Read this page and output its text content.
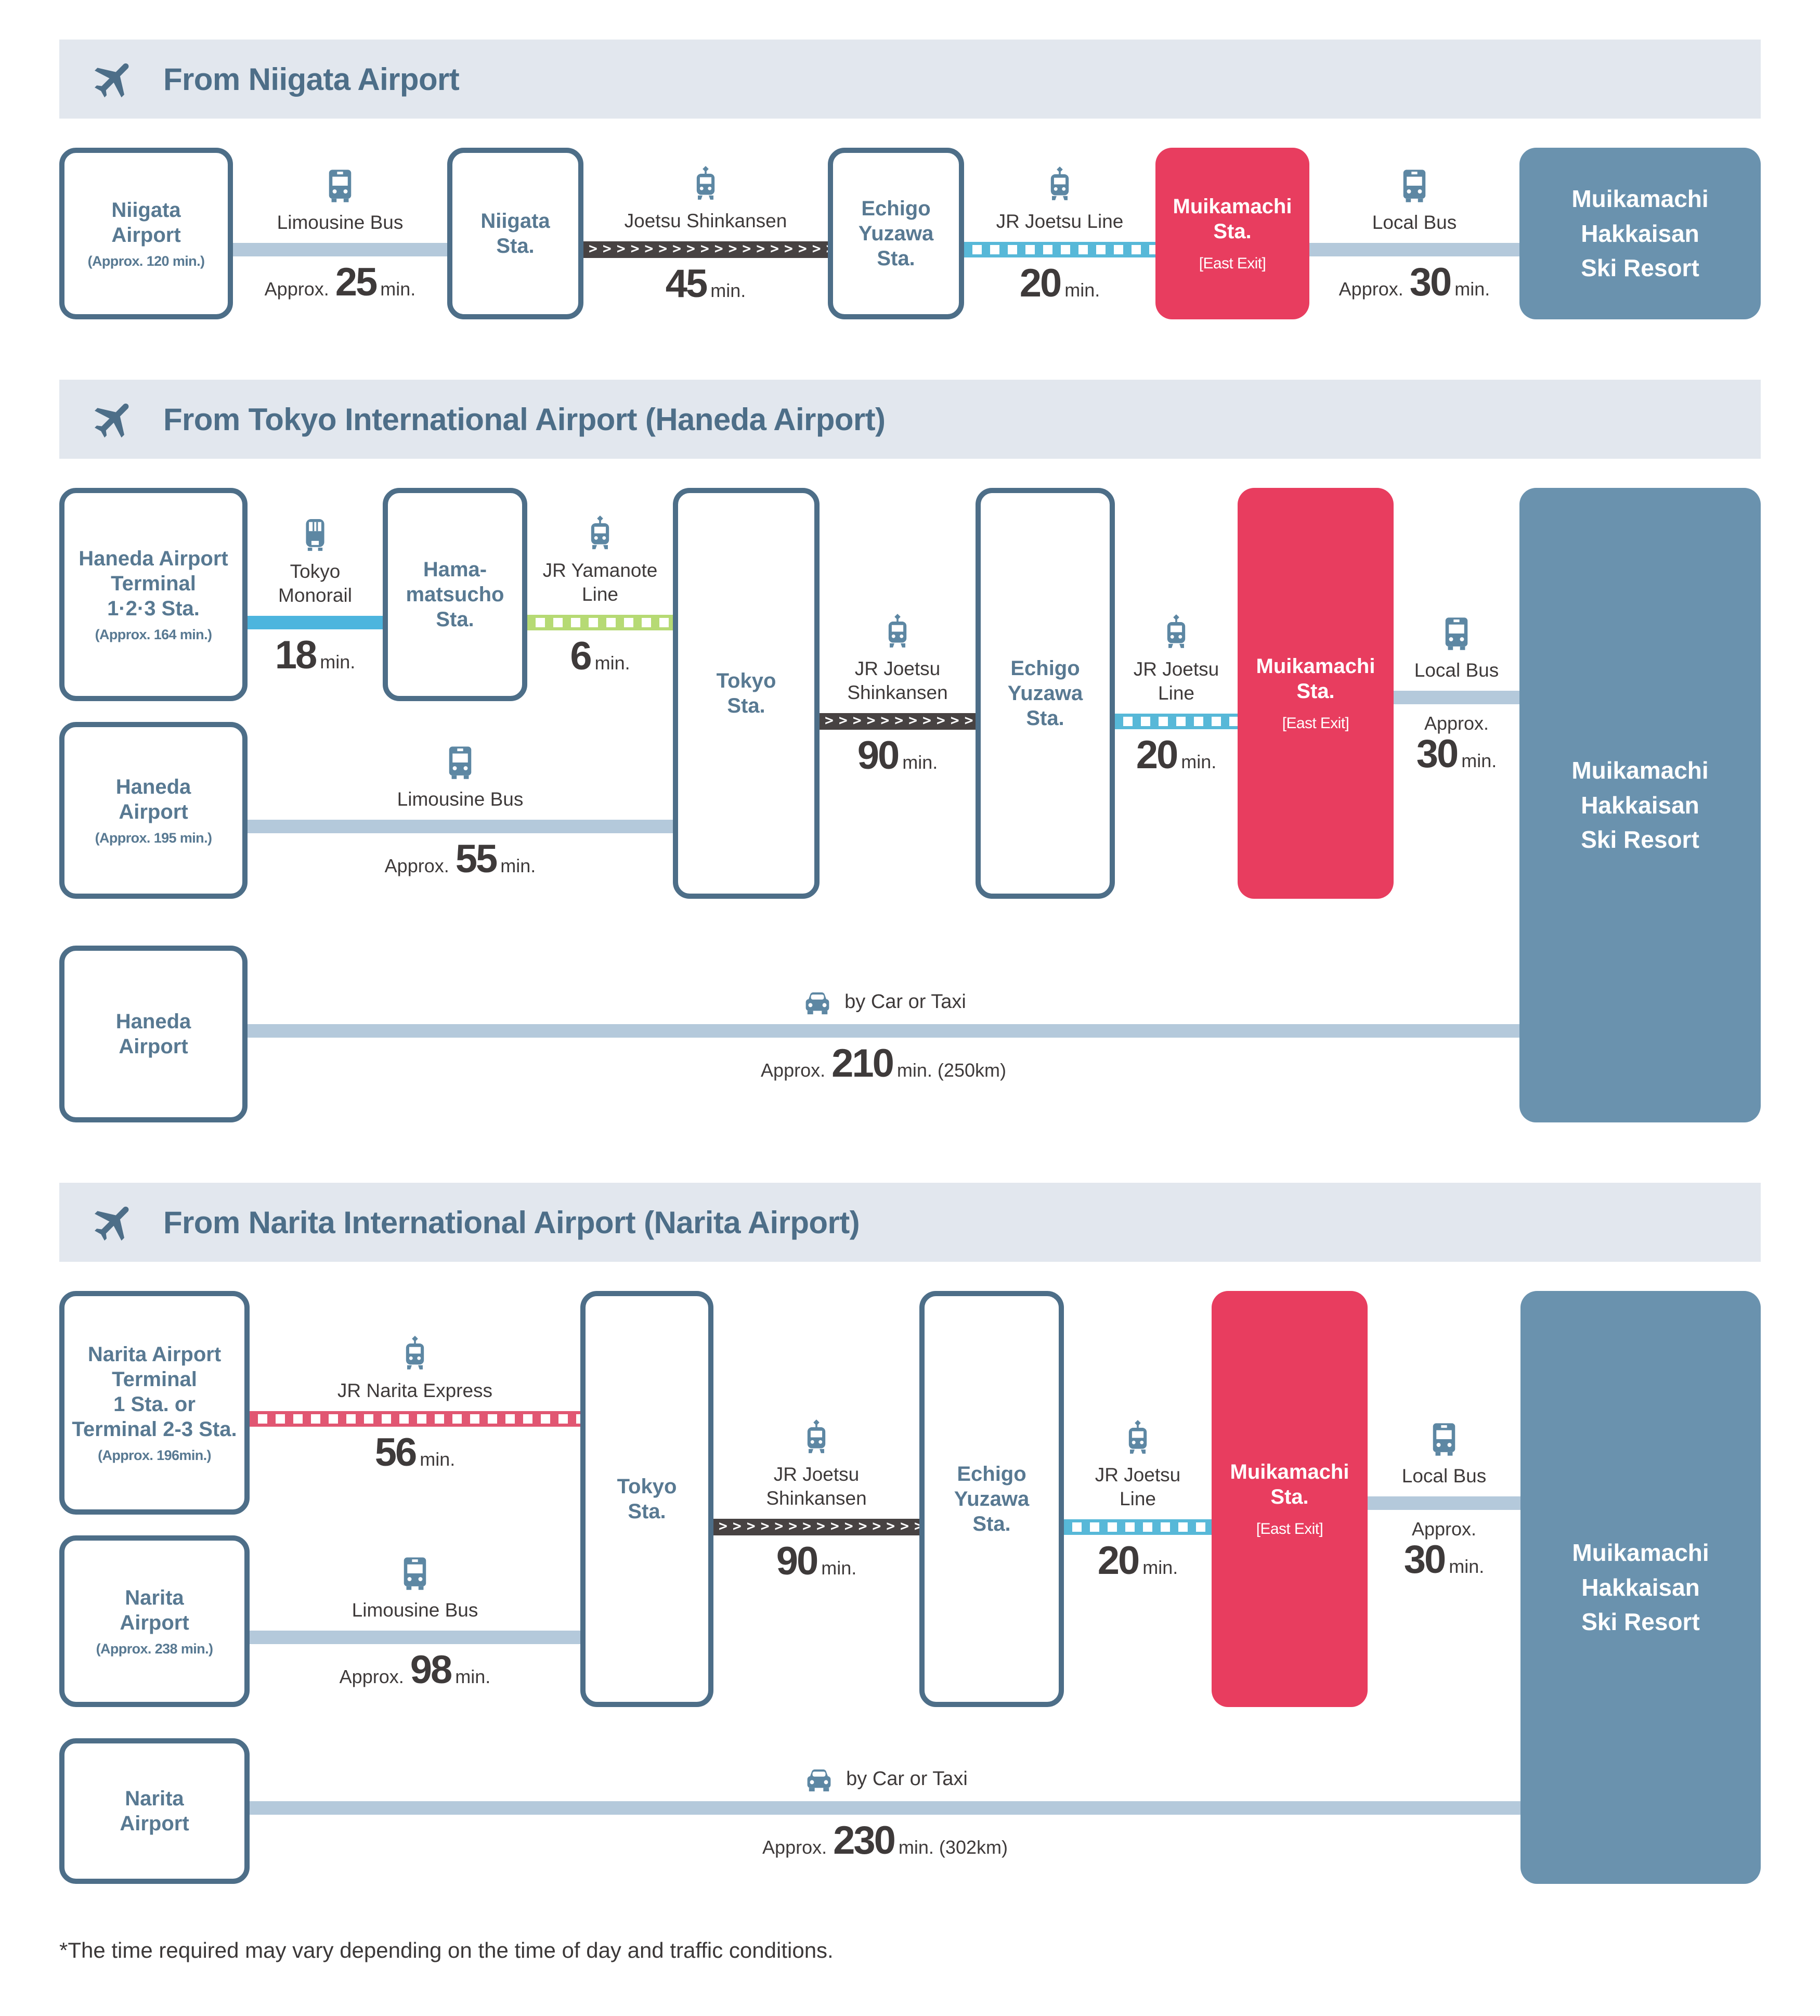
From Niigata Airport
Niigata
Airport
(Approx. 120 min.)
Limousine Bus
Approx. 25 min.
Niigata
Sta.
Joetsu Shinkansen
>>>>>>>>>>>>>>>>>>>>>>>>>>>>>>>>>>>>>>>>>>>>>>>>>>
45 min.
Echigo
Yuzawa
Sta.
JR Joetsu Line
20 min.
Muikamachi
Sta.
[East Exit]
Local Bus
Approx. 30 min.
Muikamachi
Hakkaisan
Ski Resort
From Tokyo International Airport (Haneda Airport)
Haneda Airport
Terminal
1·2·3 Sta.
(Approx. 164 min.)
Tokyo
Monorail
18 min.
Hama-
matsucho
Sta.
JR Yamanote
Line
6 min.
Tokyo
Sta.
JR Joetsu
Shinkansen
>>>>>>>>>>>>>>>>>>>>>>>>>>>>>>>>>>>>>>>>>>>>>>>>>>
90 min.
Echigo
Yuzawa
Sta.
JR Joetsu
Line
20 min.
Muikamachi
Sta.
[East Exit]
Local Bus
Approx.
30 min.	Muikamachi
Hakkaisan
Ski Resort
Haneda
Airport
(Approx. 195 min.)
Limousine Bus
Approx. 55 min.
Haneda
Airport
by Car or Taxi
Approx. 210 min. (250km)
From Narita International Airport (Narita Airport)
Narita Airport
Terminal
1 Sta. or
Terminal 2-3 Sta.
(Approx. 196min.)
JR Narita Express
56 min.
Tokyo
Sta.
JR Joetsu
Shinkansen
>>>>>>>>>>>>>>>>>>>>>>>>>>>>>>>>>>>>>>>>>>>>>>>>>>
90 min.
Echigo
Yuzawa
Sta.
JR Joetsu
Line
20 min.
Muikamachi
Sta.
[East Exit]
Local Bus
Approx.
30 min.
Muikamachi
Hakkaisan
Ski Resort
Narita
Airport
(Approx. 238 min.)
Limousine Bus
Approx. 98 min.
Narita
Airport
by Car or Taxi
Approx. 230 min. (302km)

*The time required may vary depending on the time of day and traffic conditions.
